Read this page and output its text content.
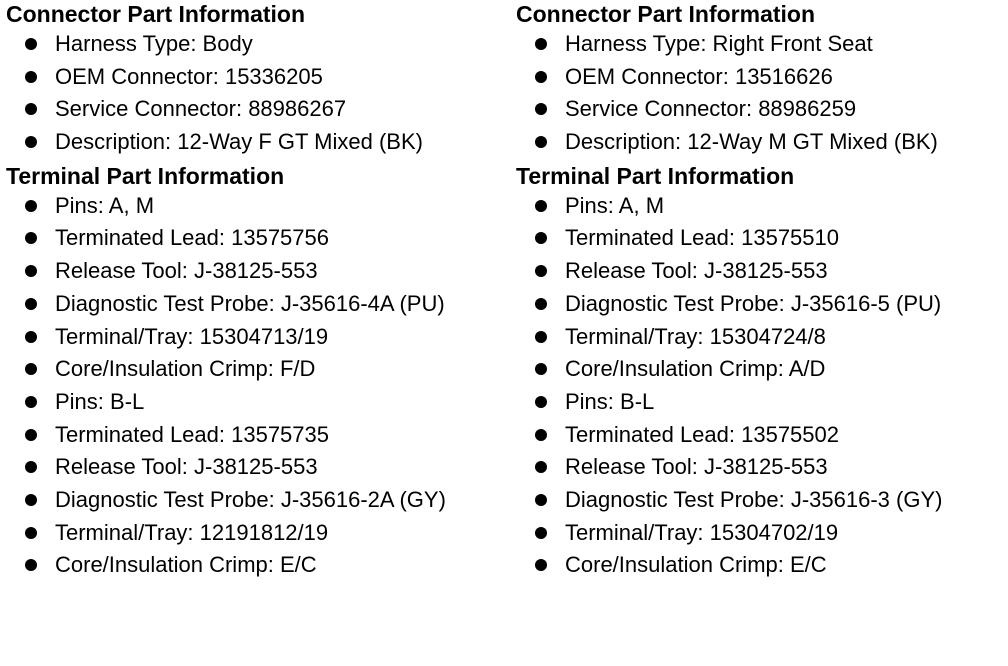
Connector Part Information
Harness Type: Body
OEM Connector: 15336205
Service Connector: 88986267
Description: 12-Way F GT Mixed (BK)
Terminal Part Information
Pins: A, M
Terminated Lead: 13575756
Release Tool: J-38125-553
Diagnostic Test Probe: J-35616-4A (PU)
Terminal/Tray: 15304713/19
Core/Insulation Crimp: F/D
Pins: B-L
Terminated Lead: 13575735
Release Tool: J-38125-553
Diagnostic Test Probe: J-35616-2A (GY)
Terminal/Tray: 12191812/19
Core/Insulation Crimp: E/C
Connector Part Information
Harness Type: Right Front Seat
OEM Connector: 13516626
Service Connector: 88986259
Description: 12-Way M GT Mixed (BK)
Terminal Part Information
Pins: A, M
Terminated Lead: 13575510
Release Tool: J-38125-553
Diagnostic Test Probe: J-35616-5 (PU)
Terminal/Tray: 15304724/8
Core/Insulation Crimp: A/D
Pins: B-L
Terminated Lead: 13575502
Release Tool: J-38125-553
Diagnostic Test Probe: J-35616-3 (GY)
Terminal/Tray: 15304702/19
Core/Insulation Crimp: E/C
